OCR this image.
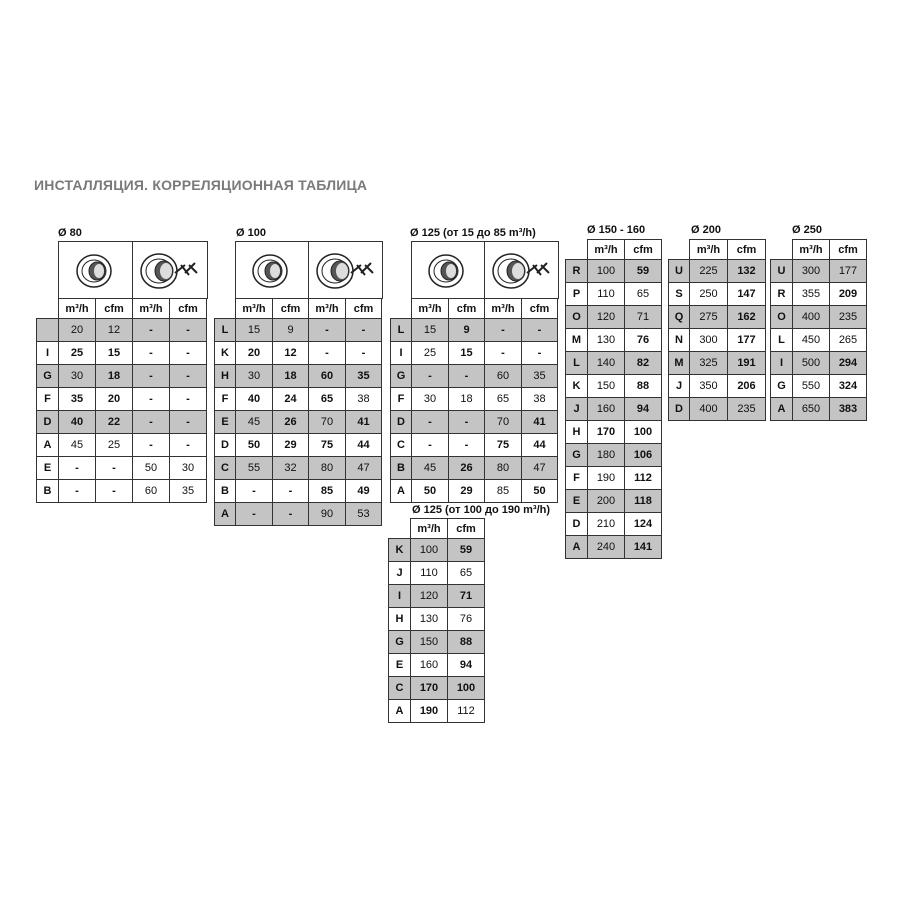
ИНСТАЛЛЯЦИЯ. КОРРЕЛЯЦИОННАЯ ТАБЛИЦА
Ø 80
	m³/h	cfm	m³/h	cfm
	20	12	-	-
I	25	15	-	-
G	30	18	-	-
F	35	20	-	-
D	40	22	-	-
A	45	25	-	-
E	-	-	50	30
B	-	-	60	35
Ø 100
	m³/h	cfm	m³/h	cfm
L	15	9	-	-
K	20	12	-	-
H	30	18	60	35
F	40	24	65	38
E	45	26	70	41
D	50	29	75	44
C	55	32	80	47
B	-	-	85	49
A	-	-	90	53
Ø 125 (от 15 до 85 m³/h)
	m³/h	cfm	m³/h	cfm
L	15	9	-	-
I	25	15	-	-
G	-	-	60	35
F	30	18	65	38
D	-	-	70	41
C	-	-	75	44
B	45	26	80	47
A	50	29	85	50
Ø 125 (от 100 до 190 m³/h)
	m³/h	cfm
K	100	59
J	110	65
I	120	71
H	130	76
G	150	88
E	160	94
C	170	100
A	190	112
Ø 150 - 160
	m³/h	cfm
R	100	59
P	110	65
O	120	71
M	130	76
L	140	82
K	150	88
J	160	94
H	170	100
G	180	106
F	190	112
E	200	118
D	210	124
A	240	141
Ø 200
	m³/h	cfm
U	225	132
S	250	147
Q	275	162
N	300	177
M	325	191
J	350	206
D	400	235
Ø 250
	m³/h	cfm
U	300	177
R	355	209
O	400	235
L	450	265
I	500	294
G	550	324
A	650	383
